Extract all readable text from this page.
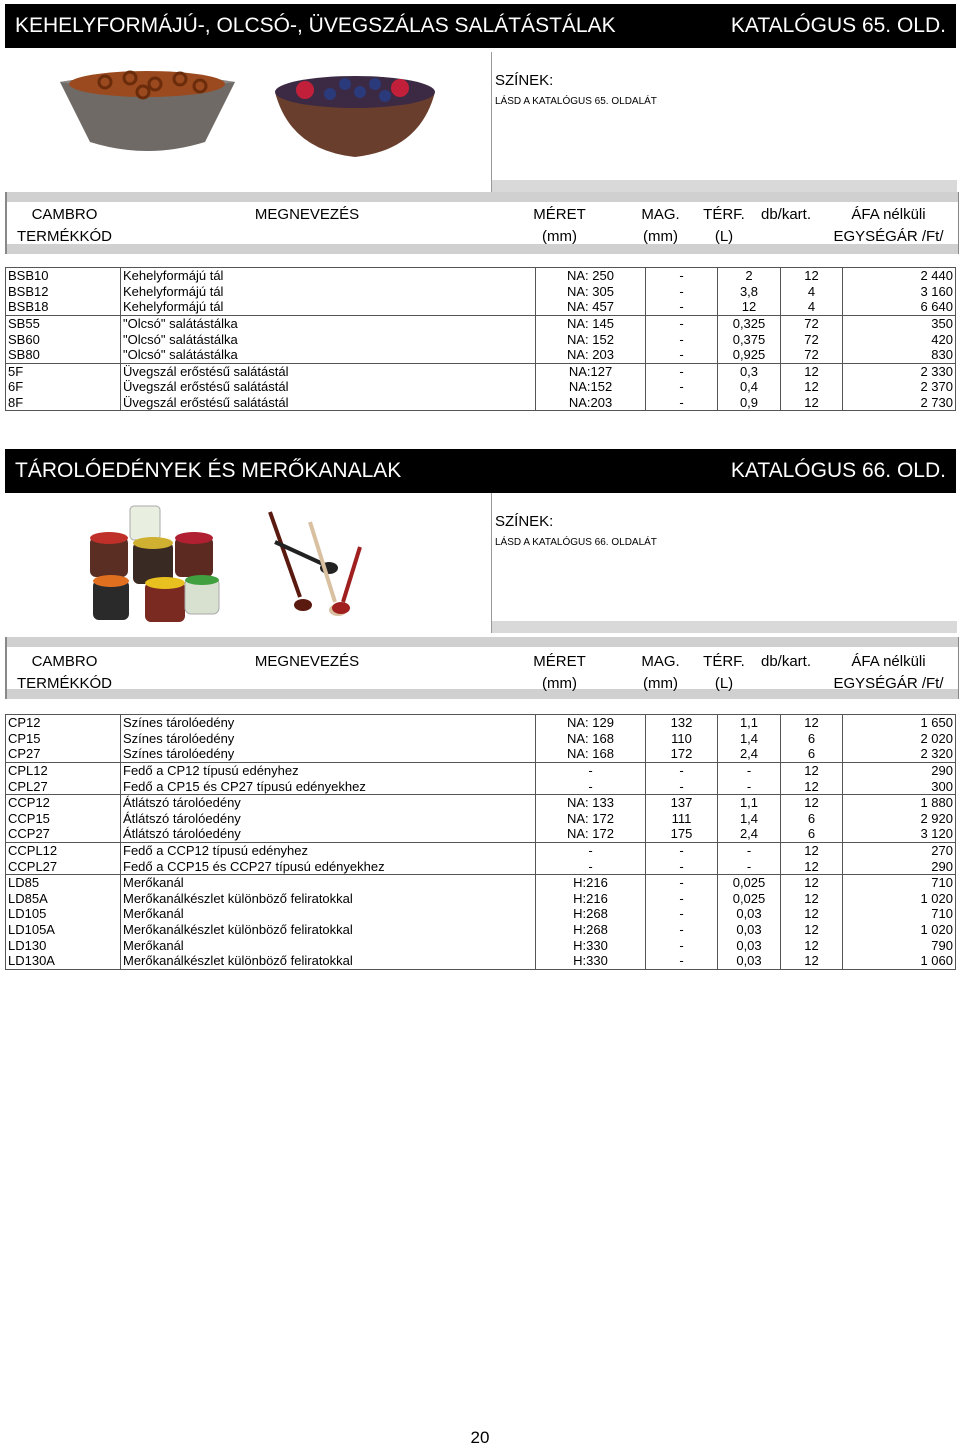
KEHELYFORMÁJÚ-, OLCSÓ-, ÜVEGSZÁLAS SALÁTÁSTÁLAK	KATALÓGUS 65. OLD.
SZÍNEK:
LÁSD A KATALÓGUS 65. OLDALÁT
CAMBRO
TERMÉKKÓD
MEGNEVEZÉS	MÉRET
(mm)
MAG.
(mm)
TÉRF.
(L)
db/kart.	ÁFA nélküli
EGYSÉGÁR /Ft/
BSB10	Kehelyformájú tál	NA: 250	-	2	12	2 440
BSB12	Kehelyformájú tál	NA: 305	-	3,8	4	3 160
BSB18	Kehelyformájú tál	NA: 457	-	12	4	6 640
SB55	"Olcsó" salátástálka	NA: 145	-	0,325	72	350
SB60	"Olcsó" salátástálka	NA: 152	-	0,375	72	420
SB80	"Olcsó" salátástálka	NA: 203	-	0,925	72	830
5F	Üvegszál erőstésű salátástál	NA:127	-	0,3	12	2 330
6F	Üvegszál erőstésű salátástál	NA:152	-	0,4	12	2 370
8F	Üvegszál erőstésű salátástál	NA:203	-	0,9	12	2 730
TÁROLÓEDÉNYEK ÉS MERŐKANALAK	KATALÓGUS 66. OLD.
SZÍNEK:
LÁSD A KATALÓGUS 66. OLDALÁT
CAMBRO
TERMÉKKÓD
MEGNEVEZÉS	MÉRET
(mm)
MAG.
(mm)
TÉRF.
(L)
db/kart.	ÁFA nélküli
EGYSÉGÁR /Ft/
CP12	Színes tárolóedény	NA: 129	132	1,1	12	1 650
CP15	Színes tárolóedény	NA: 168	110	1,4	6	2 020
CP27	Színes tárolóedény	NA: 168	172	2,4	6	2 320
CPL12	Fedő a CP12 típusú edényhez	-	-	-	12	290
CPL27	Fedő a CP15 és CP27 típusú edényekhez	-	-	-	12	300
CCP12	Átlátszó tárolóedény	NA: 133	137	1,1	12	1 880
CCP15	Átlátszó tárolóedény	NA: 172	111	1,4	6	2 920
CCP27	Átlátszó tárolóedény	NA: 172	175	2,4	6	3 120
CCPL12	Fedő a CCP12 típusú edényhez	-	-	-	12	270
CCPL27	Fedő a CCP15 és CCP27 típusú edényekhez	-	-	-	12	290
LD85	Merőkanál	H:216	-	0,025	12	710
LD85A	Merőkanálkészlet különböző feliratokkal	H:216	-	0,025	12	1 020
LD105	Merőkanál	H:268	-	0,03	12	710
LD105A	Merőkanálkészlet különböző feliratokkal	H:268	-	0,03	12	1 020
LD130	Merőkanál	H:330	-	0,03	12	790
LD130A	Merőkanálkészlet különböző feliratokkal	H:330	-	0,03	12	1 060
20
